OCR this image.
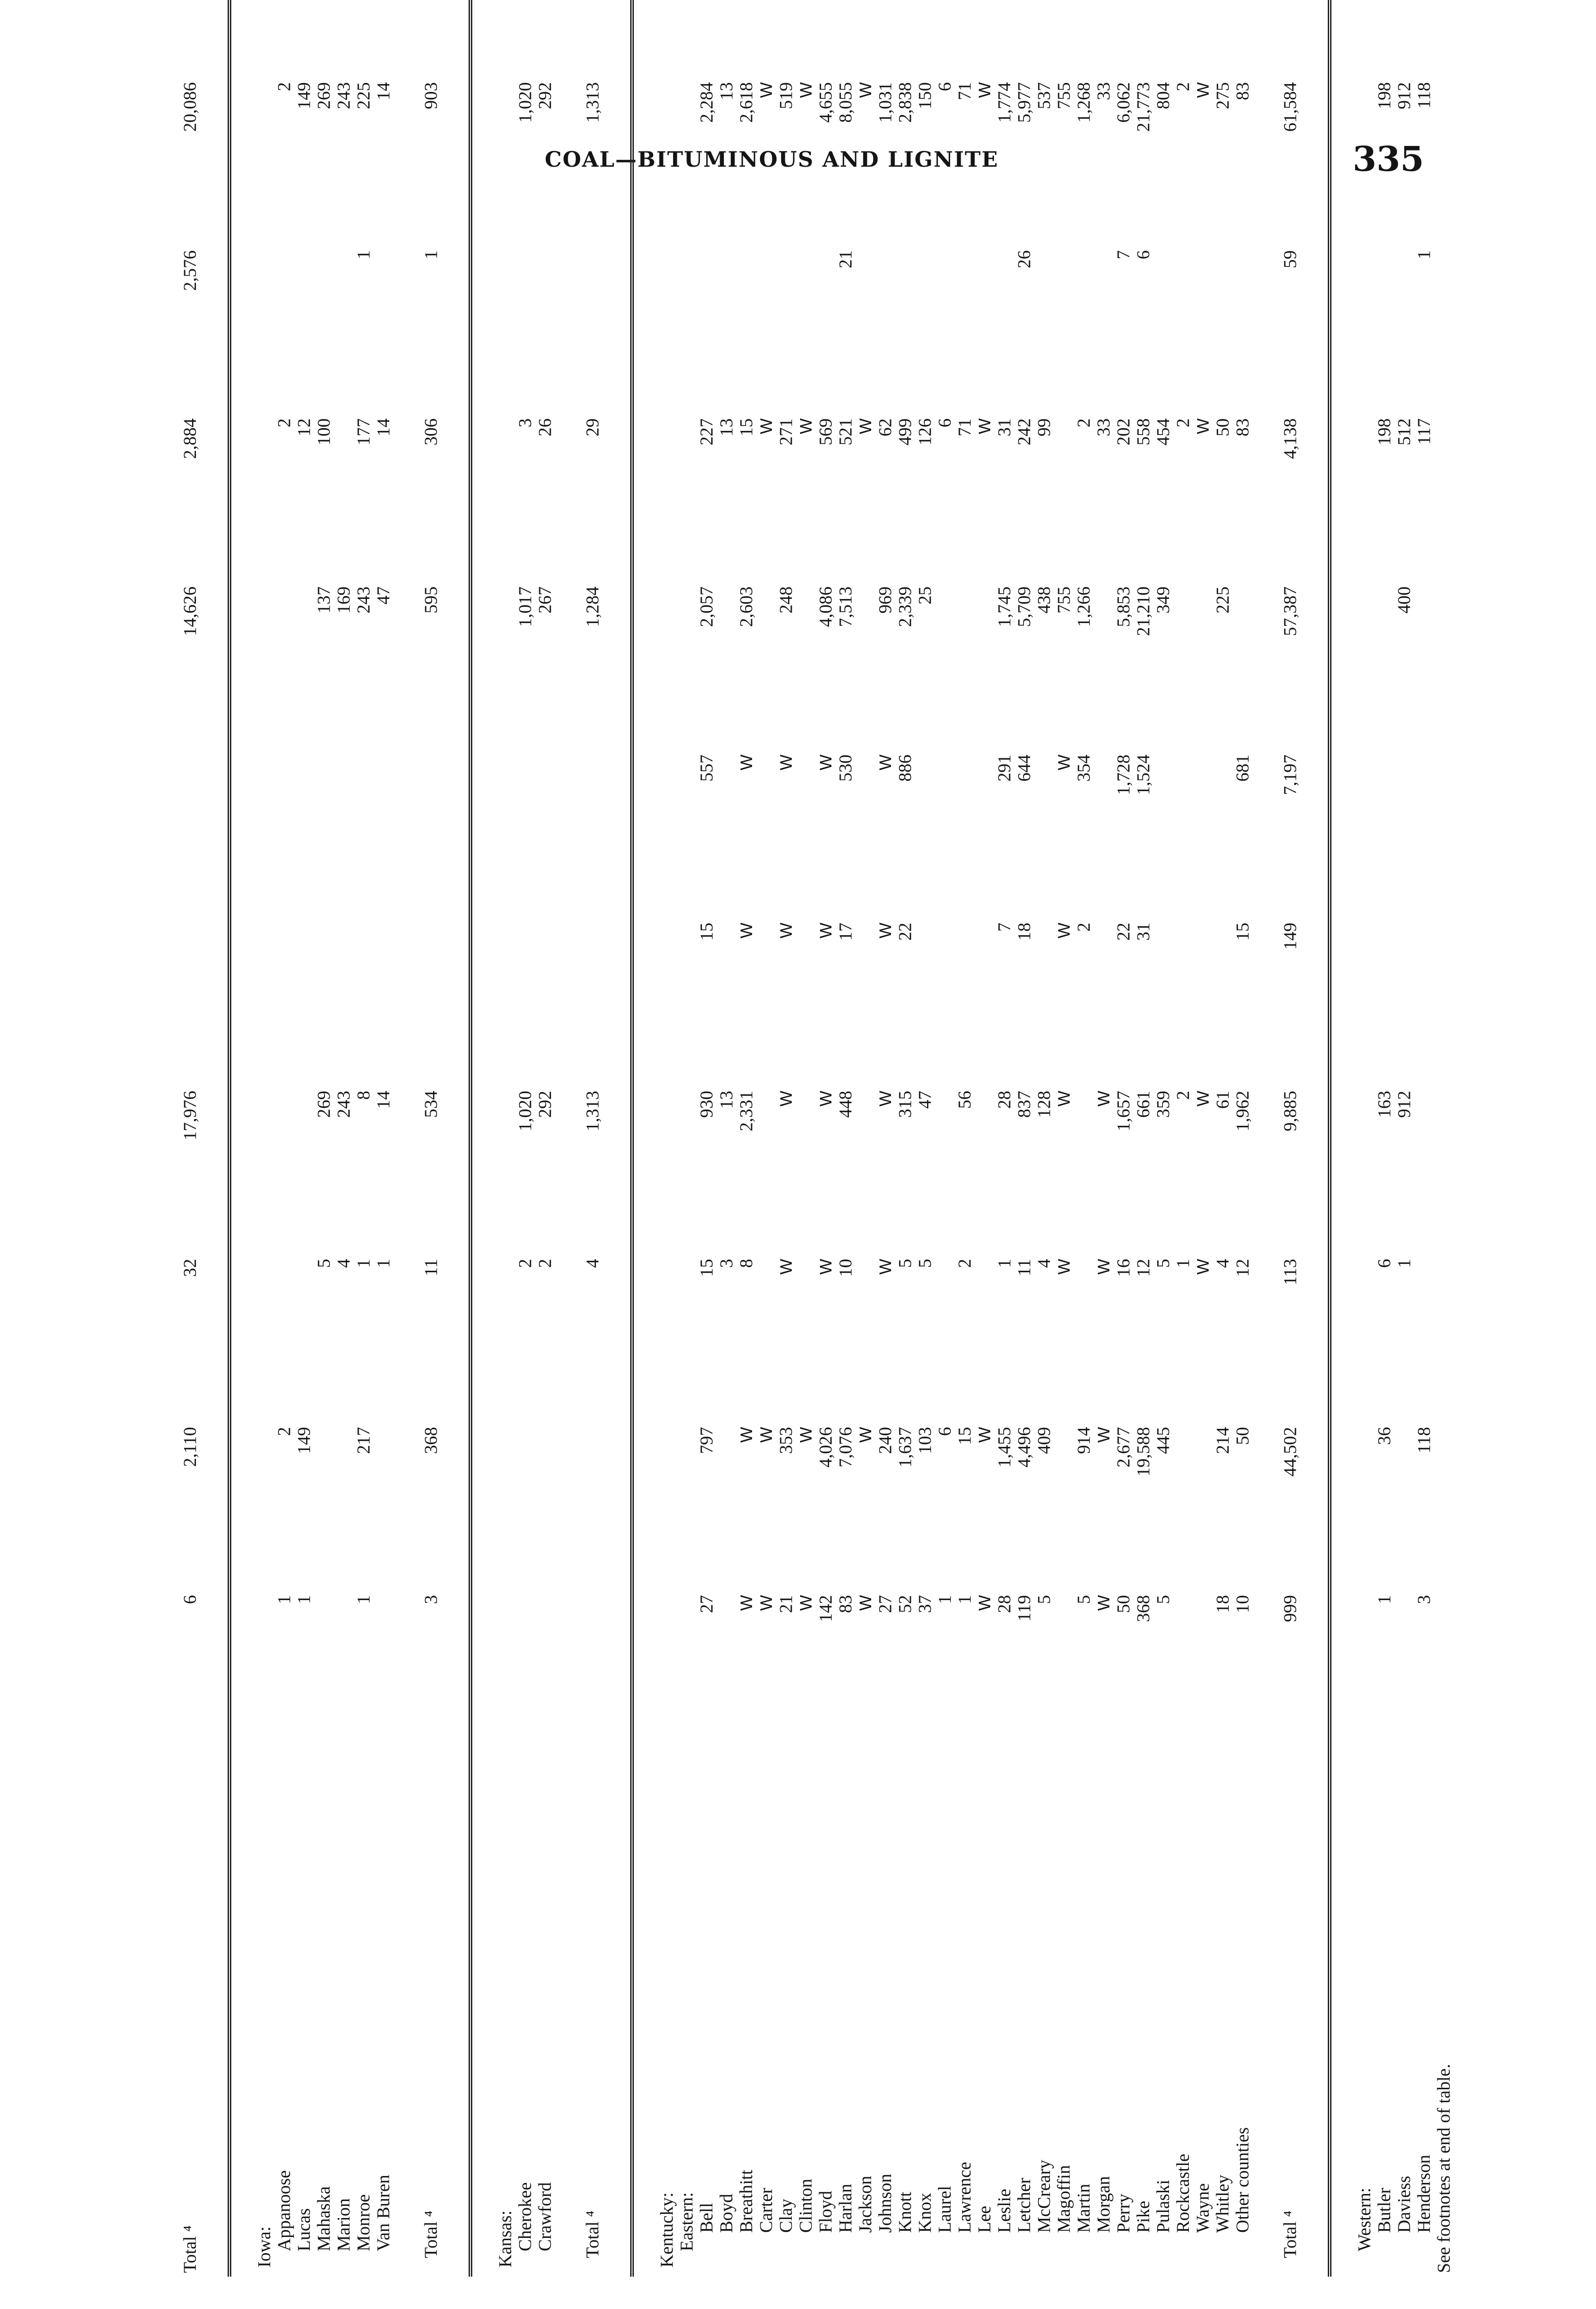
COAL—BITUMINOUS AND LIGNITE	335
Total ⁴	6	2,110	32	17,976			14,626	2,884	2,576	20,086	
Iowa:											
Appanoose	1	2						2		2	
Lucas	1	149						12		149	
Mahaska			5	269			137	100		269	
Marion			4	243			169			243	
Monroe	1	217	1	8			243	177	1	225	
Van Buren			1	14			47	14		14	
Total ⁴	3	368	11	534			595	306	1	903	
Kansas:											
Cherokee			2	1,020			1,017	3		1,020	
Crawford			2	292			267	26		292	
Total ⁴			4	1,313			1,284	29		1,313	
Kentucky:											
Eastern:											
Bell	27	797	15	930	15	557	2,057	227		2,284	
Boyd			3	13				13		13	
Breathitt	W	W	8	2,331	W	W	2,603	15		2,618	
Carter	W	W						W		W	
Clay	21	353	W	W	W	W	248	271		519	
Clinton	W	W						W		W	
Floyd	142	4,026	W	W	W	W	4,086	569		4,655	
Harlan	83	7,076	10	448	17	530	7,513	521	21	8,055	
Jackson	W	W						W		W	
Johnson	27	240	W	W	W	W	969	62		1,031	
Knott	52	1,637	5	315	22	886	2,339	499		2,838	
Knox	37	103	5	47			25	126		150	
Laurel	1	6						6		6	
Lawrence	1	15	2	56				71		71	
Lee	W	W						W		W	
Leslie	28	1,455	1	28	7	291	1,745	31		1,774	
Letcher	119	4,496	11	837	18	644	5,709	242	26	5,977	
McCreary	5	409	4	128			438	99		537	
Magoffin			W	W	W	W	755			755	
Martin	5	914			2	354	1,266	2		1,268	
Morgan	W	W	W	W				33		33	
Perry	50	2,677	16	1,657	22	1,728	5,853	202	7	6,062	
Pike	368	19,588	12	661	31	1,524	21,210	558	6	21,773	
Pulaski	5	445	5	359			349	454		804	
Rockcastle			1	2				2		2	
Wayne			W	W				W		W	
Whitley	18	214	4	61			225	50		275	
Other counties	10	50	12	1,962	15	681		83		83	
Total ⁴	999	44,502	113	9,885	149	7,197	57,387	4,138	59	61,584	
Western:											
Butler	1	36	6	163				198		198	
Daviess			1	912			400	512		912	
Henderson	3	118						117	1	118	
See footnotes at end of table.											
